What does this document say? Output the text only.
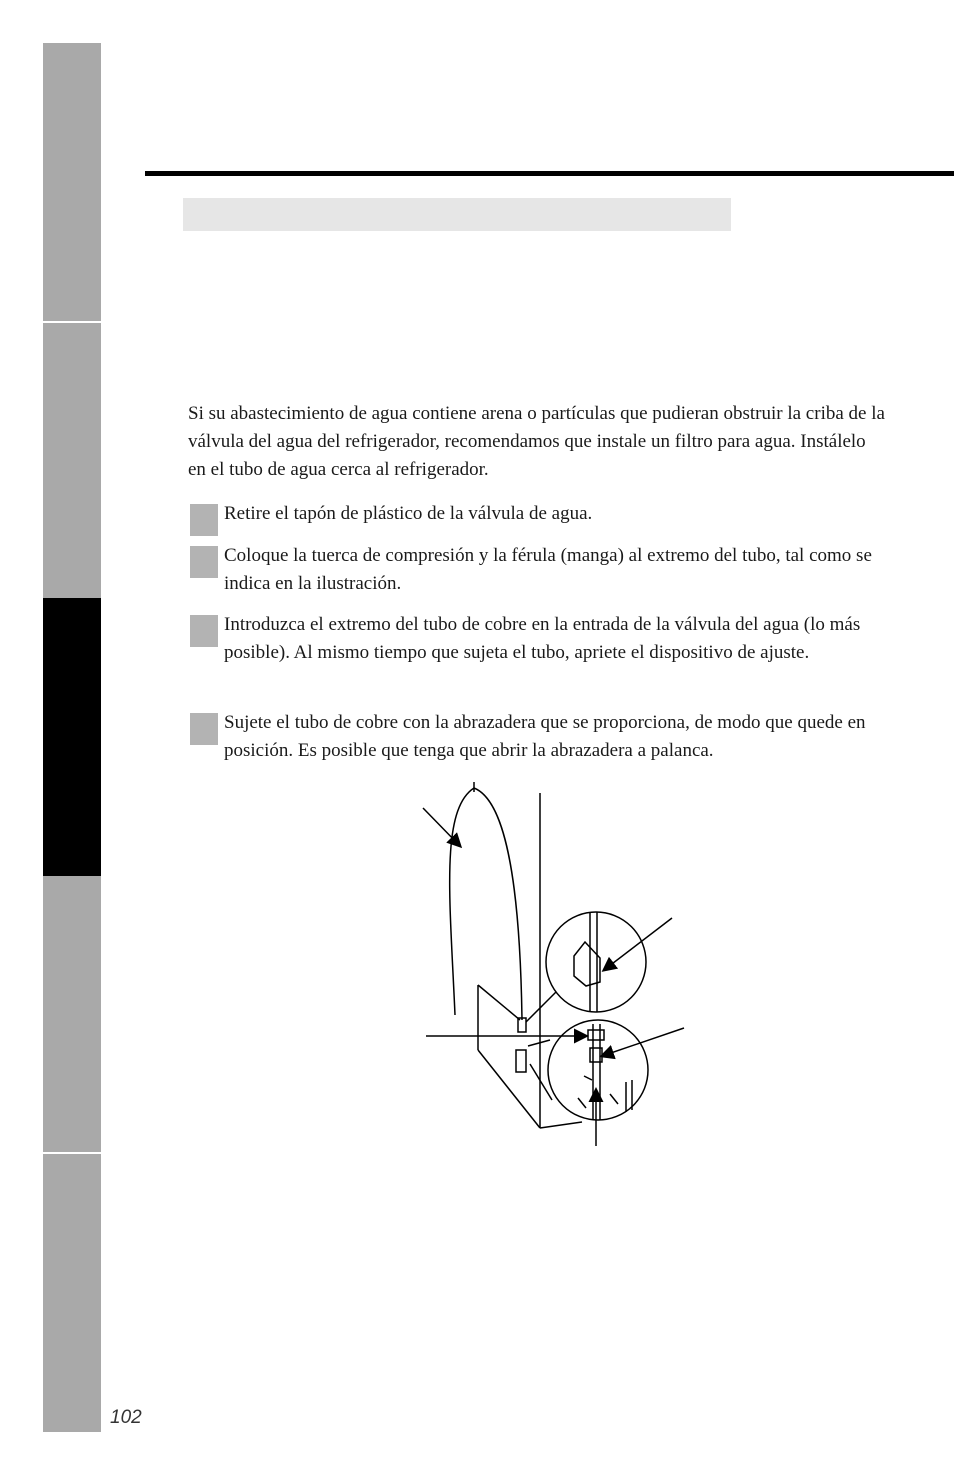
Si su abastecimiento de agua contiene arena o partículas que pudieran obstruir la criba de la válvula del agua del refrigerador, recomendamos que instale un filtro para agua. Instálelo en el tubo de agua cerca al refrigerador.

Retire el tapón de plástico de la válvula de agua.

Coloque la tuerca de compresión y la férula (manga) al extremo del tubo, tal como se indica en la ilustración.

Introduzca el extremo del tubo de cobre en la entrada de la válvula del agua (lo más posible). Al mismo tiempo que sujeta el tubo, apriete el dispositivo de ajuste.

Sujete el tubo de cobre con la abrazadera que se proporciona, de modo que quede en posición. Es posible que tenga que abrir la abrazadera a palanca.

102
